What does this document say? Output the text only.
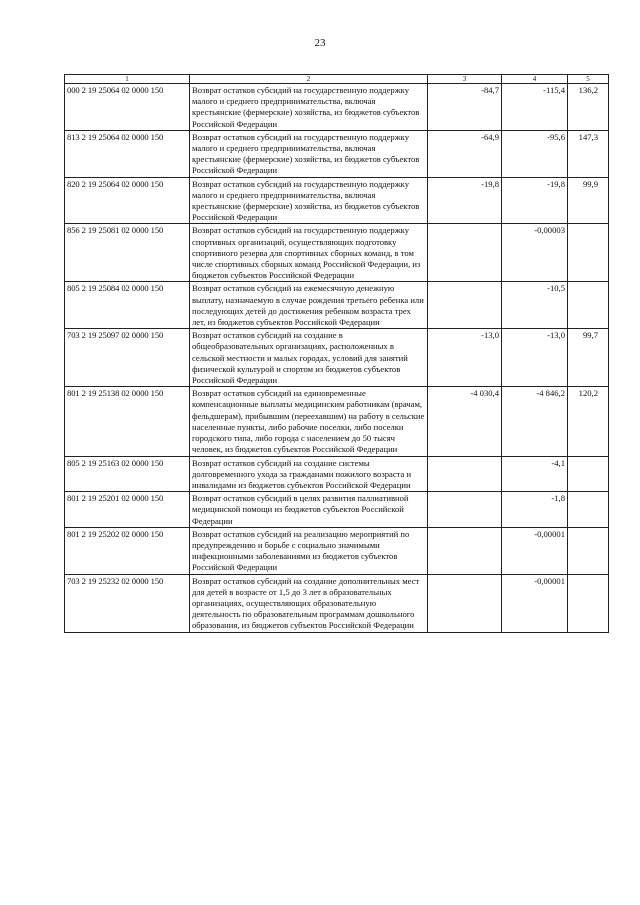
23
1	2	3	4	5
000 2 19 25064 02 0000 150	Возврат остатков субсидий на государственную поддержку малого и среднего предпринимательства, включая крестьянские (фермерские) хозяйства, из бюджетов субъектов Российской Федерации	-84,7	-115,4	136,2
813 2 19 25064 02 0000 150	Возврат остатков субсидий на государственную поддержку малого и среднего предпринимательства, включая крестьянские (фермерские) хозяйства, из бюджетов субъектов Российской Федерации	-64,9	-95,6	147,3
820 2 19 25064 02 0000 150	Возврат остатков субсидий на государственную поддержку малого и среднего предпринимательства, включая крестьянские (фермерские) хозяйства, из бюджетов субъектов Российской Федерации	-19,8	-19,8	99,9
856 2 19 25081 02 0000 150	Возврат остатков субсидий на государственную поддержку спортивных организаций, осуществляющих подготовку спортивного резерва для спортивных сборных команд, в том числе спортивных сборных команд Российской Федерации, из бюджетов субъектов Российской Федерации		-0,00003	
805 2 19 25084 02 0000 150	Возврат остатков субсидий на ежемесячную денежную выплату, назначаемую в случае рождения третьего ребенка или последующих детей до достижения ребенком возраста трех лет, из бюджетов субъектов Российской Федерации		-10,5	
703 2 19 25097 02 0000 150	Возврат остатков субсидий на создание в общеобразовательных организациях, расположенных в сельской местности и малых городах, условий для занятий физической культурой и спортом из бюджетов субъектов Российской Федерации	-13,0	-13,0	99,7
801 2 19 25138 02 0000 150	Возврат остатков субсидий на единовременные компенсационные выплаты медицинским работникам (врачам, фельдшерам), прибывшим (переехавшим) на работу в сельские населенные пункты, либо рабочие поселки, либо поселки городского типа, либо города с населением до 50 тысяч человек, из бюджетов субъектов Российской Федерации	-4 030,4	-4 846,2	120,2
805 2 19 25163 02 0000 150	Возврат остатков субсидий на создание системы долговременного ухода за гражданами пожилого возраста и инвалидами из бюджетов субъектов Российской Федерации		-4,1	
801 2 19 25201 02 0000 150	Возврат остатков субсидий в целях развития паллиативной медицинской помощи из бюджетов субъектов Российской Федерации		-1,8	
801 2 19 25202 02 0000 150	Возврат остатков субсидий на реализацию мероприятий по предупреждению и борьбе с социально значимыми инфекционными заболеваниями из бюджетов субъектов Российской Федерации		-0,00001	
703 2 19 25232 02 0000 150	Возврат остатков субсидий на создание дополнительных мест для детей в возрасте от 1,5 до 3 лет в образовательных организациях, осуществляющих образовательную деятельность по образовательным программам дошкольного образования, из бюджетов субъектов Российской Федерации		-0,00001	
